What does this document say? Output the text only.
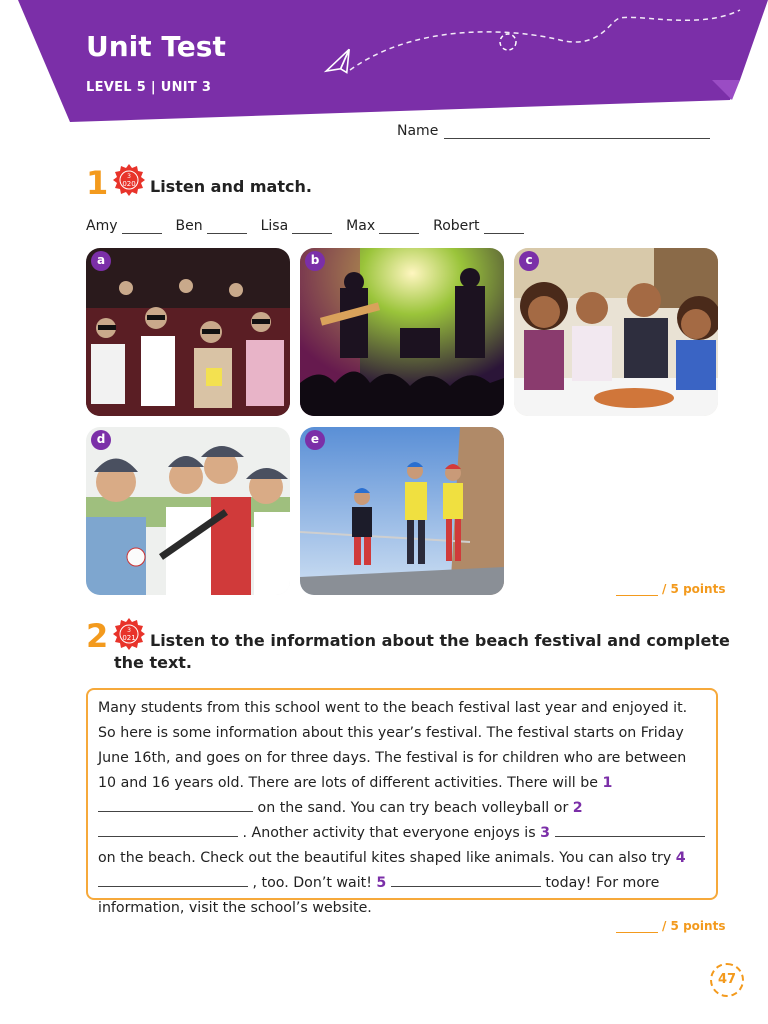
Unit Test
LEVEL 5 | UNIT 3
Name
1	3
020 Listen and match.
Amy	Ben	Lisa	Max	Robert
a	b	c
d	e
/ 5 points
2	3
021 Listen to the information about the beach festival and complete
the text.
Many students from this school went to the beach festival last year and enjoyed it. So here is some information about this year’s festival. The festival starts on Friday June 16th, and goes on for three days. The festival is for children who are between 10 and 16 years old. There are lots of different activities. There will be 1  on the sand. You can try beach volleyball or 2  . Another activity that everyone enjoys is 3  on the beach. Check out the beautiful kites shaped like animals. You can also try 4  , too. Don’t wait! 5	today! For more information, visit the school’s website.
/ 5 points
47
